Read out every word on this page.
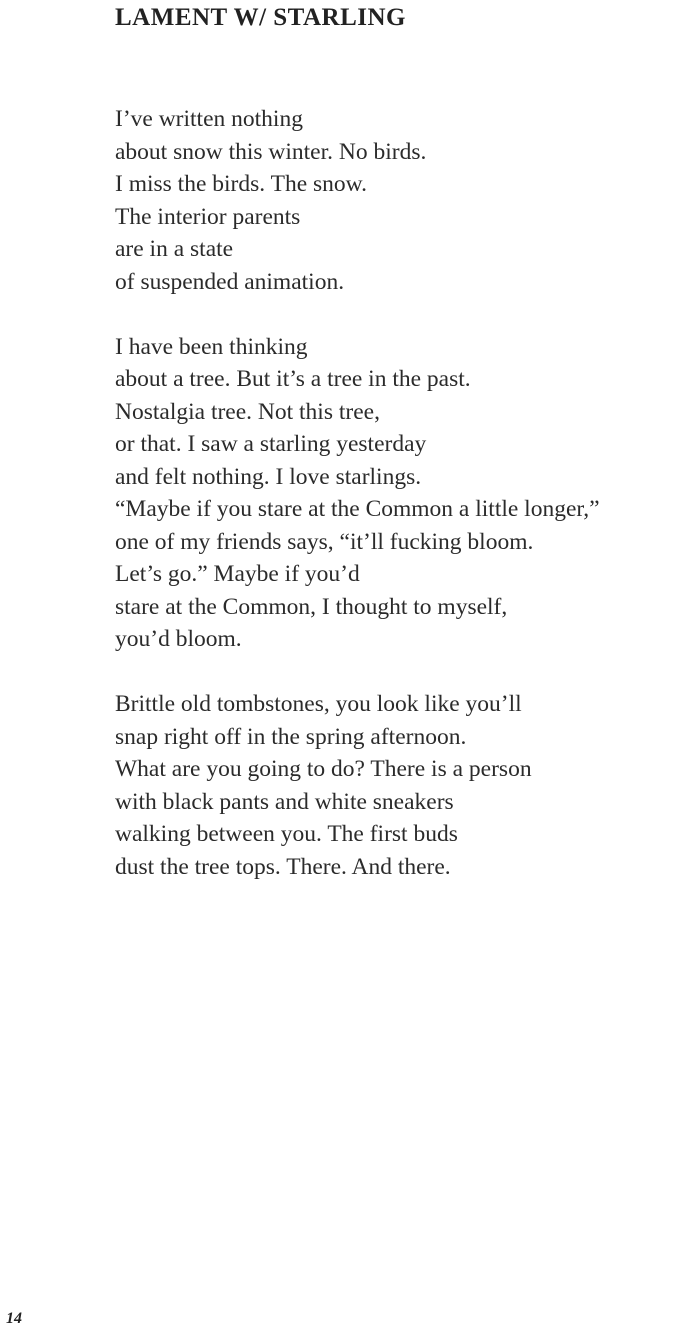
LAMENT W/ STARLING
I’ve written nothing
about snow this winter. No birds.
I miss the birds. The snow.
The interior parents
are in a state
of suspended animation.
I have been thinking
about a tree. But it’s a tree in the past.
Nostalgia tree. Not this tree,
or that. I saw a starling yesterday
and felt nothing. I love starlings.
“Maybe if you stare at the Common a little longer,”
one of my friends says, “it’ll fucking bloom.
Let’s go.” Maybe if you’d
stare at the Common, I thought to myself,
you’d bloom.
Brittle old tombstones, you look like you’ll
snap right off in the spring afternoon.
What are you going to do? There is a person
with black pants and white sneakers
walking between you. The first buds
dust the tree tops. There. And there.
14
